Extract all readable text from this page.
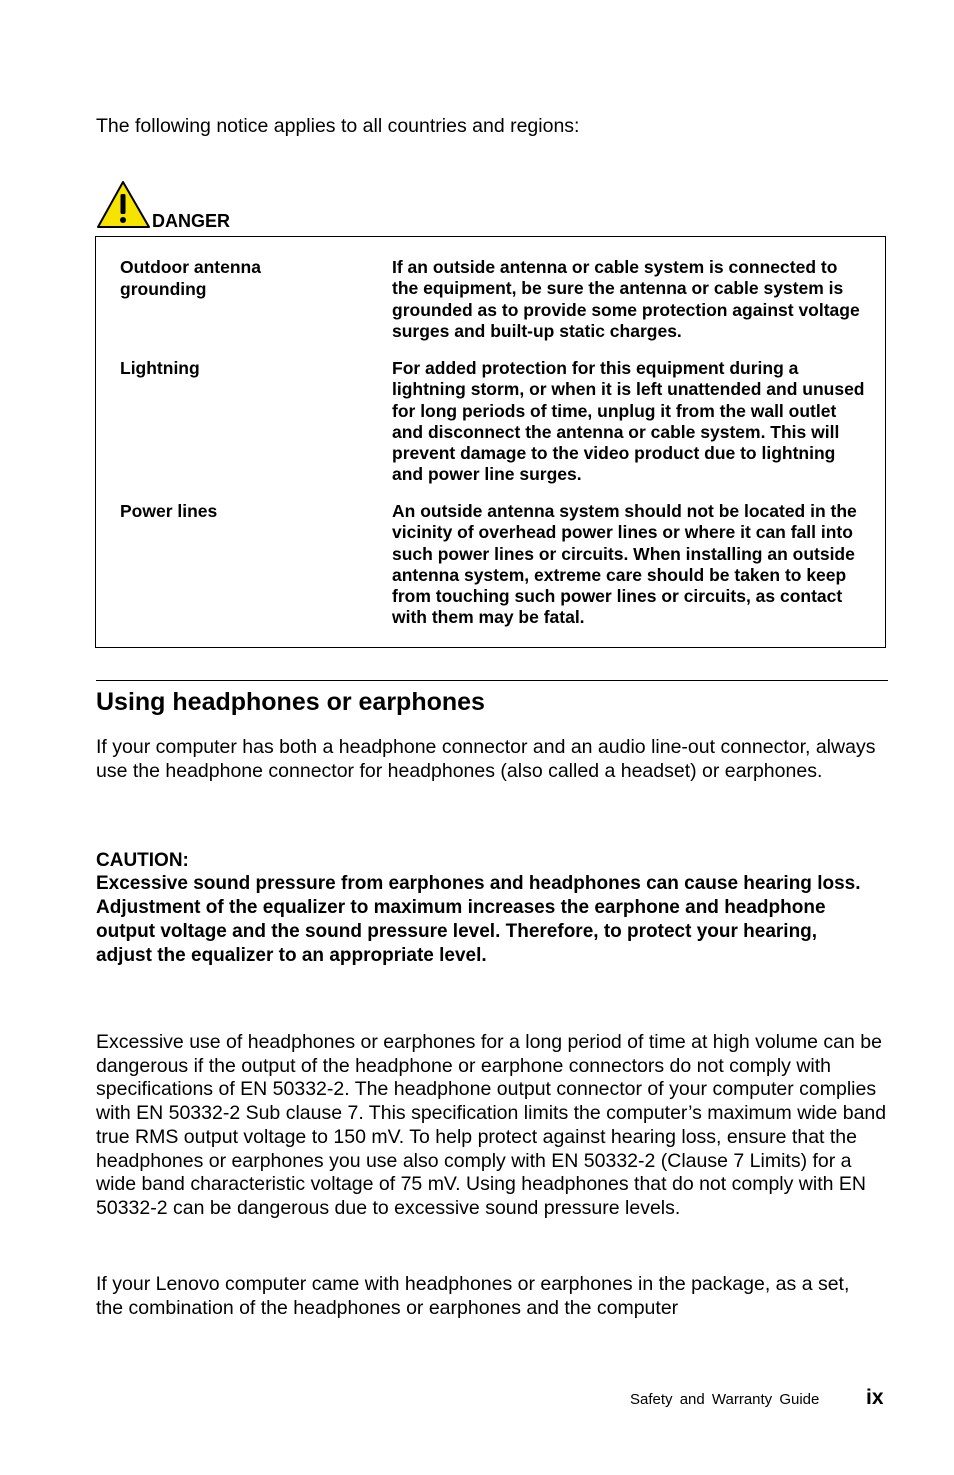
The following notice applies to all countries and regions:
DANGER
Outdoor antenna grounding
If an outside antenna or cable system is connected to the equipment, be sure the antenna or cable system is grounded as to provide some protection against voltage surges and built-up static charges.
Lightning	For added protection for this equipment during a lightning storm, or when it is left unattended and unused for long periods of time, unplug it from the wall outlet and disconnect the antenna or cable system. This will prevent damage to the video product due to lightning and power line surges.
Power lines	An outside antenna system should not be located in the vicinity of overhead power lines or where it can fall into such power lines or circuits. When installing an outside antenna system, extreme care should be taken to keep from touching such power lines or circuits, as contact with them may be fatal.
Using headphones or earphones
If your computer has both a headphone connector and an audio line-out connector, always use the headphone connector for headphones (also called a headset) or earphones.
CAUTION:
Excessive sound pressure from earphones and headphones can cause hearing loss. Adjustment of the equalizer to maximum increases the earphone and headphone output voltage and the sound pressure level. Therefore, to protect your hearing, adjust the equalizer to an appropriate level.
Excessive use of headphones or earphones for a long period of time at high volume can be dangerous if the output of the headphone or earphone connectors do not comply with specifications of EN 50332-2. The headphone output connector of your computer complies with EN 50332-2 Sub clause 7. This specification limits the computer’s maximum wide band true RMS output voltage to 150 mV. To help protect against hearing loss, ensure that the headphones or earphones you use also comply with EN 50332-2 (Clause 7 Limits) for a wide band characteristic voltage of 75 mV. Using headphones that do not comply with EN 50332-2 can be dangerous due to excessive sound pressure levels.
If your Lenovo computer came with headphones or earphones in the package, as a set, the combination of the headphones or earphones and the computer
Safety and Warranty Guide ix
